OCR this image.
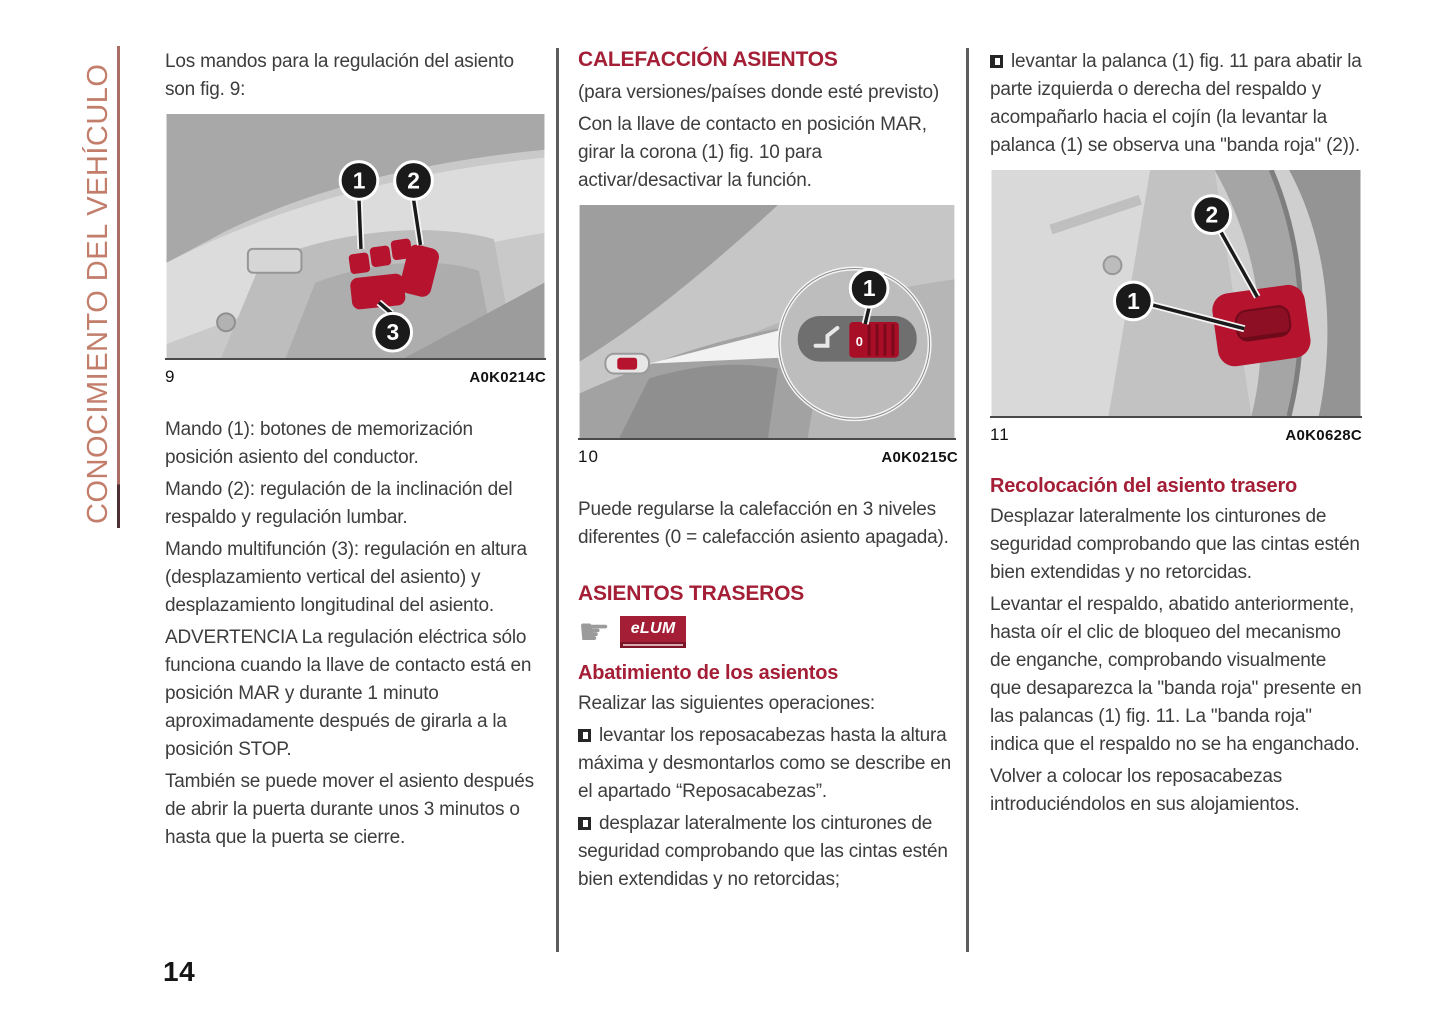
CONOCIMIENTO DEL VEHÍCULO
14

Los mandos para la regulación del asiento son fig. 9:

1 2
3
9	A0K0214C

Mando (1): botones de memorización posición asiento del conductor.

Mando (2): regulación de la inclinación del respaldo y regulación lumbar.

Mando multifunción (3): regulación en altura (desplazamiento vertical del asiento) y desplazamiento longitudinal del asiento.

ADVERTENCIA La regulación eléctrica sólo funciona cuando la llave de contacto está en posición MAR y durante 1 minuto aproximadamente después de girarla a la posición STOP.

También se puede mover el asiento después de abrir la puerta durante unos 3 minutos o hasta que la puerta se cierre.

CALEFACCIÓN ASIENTOS

(para versiones/países donde esté previsto)

Con la llave de contacto en posición MAR, girar la corona (1) fig. 10 para activar/desactivar la función.

0
1
10	A0K0215C

Puede regularse la calefacción en 3 niveles diferentes (0 = calefacción asiento apagada).

ASIENTOS TRASEROS
☛ eLUM
Abatimiento de los asientos

Realizar las siguientes operaciones:

levantar los reposacabezas hasta la altura máxima y desmontarlos como se describe en el apartado “Reposacabezas”.

desplazar lateralmente los cinturones de seguridad comprobando que las cintas estén bien extendidas y no retorcidas;

levantar la palanca (1) fig. 11 para abatir la parte izquierda o derecha del respaldo y acompañarlo hacia el cojín (la levantar la palanca (1) se observa una "banda roja" (2)).

2
1
11	A0K0628C
Recolocación del asiento trasero

Desplazar lateralmente los cinturones de seguridad comprobando que las cintas estén bien extendidas y no retorcidas.

Levantar el respaldo, abatido anteriormente, hasta oír el clic de bloqueo del mecanismo de enganche, comprobando visualmente que desaparezca la "banda roja" presente en las palancas (1) fig. 11. La "banda roja" indica que el respaldo no se ha enganchado.

Volver a colocar los reposacabezas introduciéndolos en sus alojamientos.
